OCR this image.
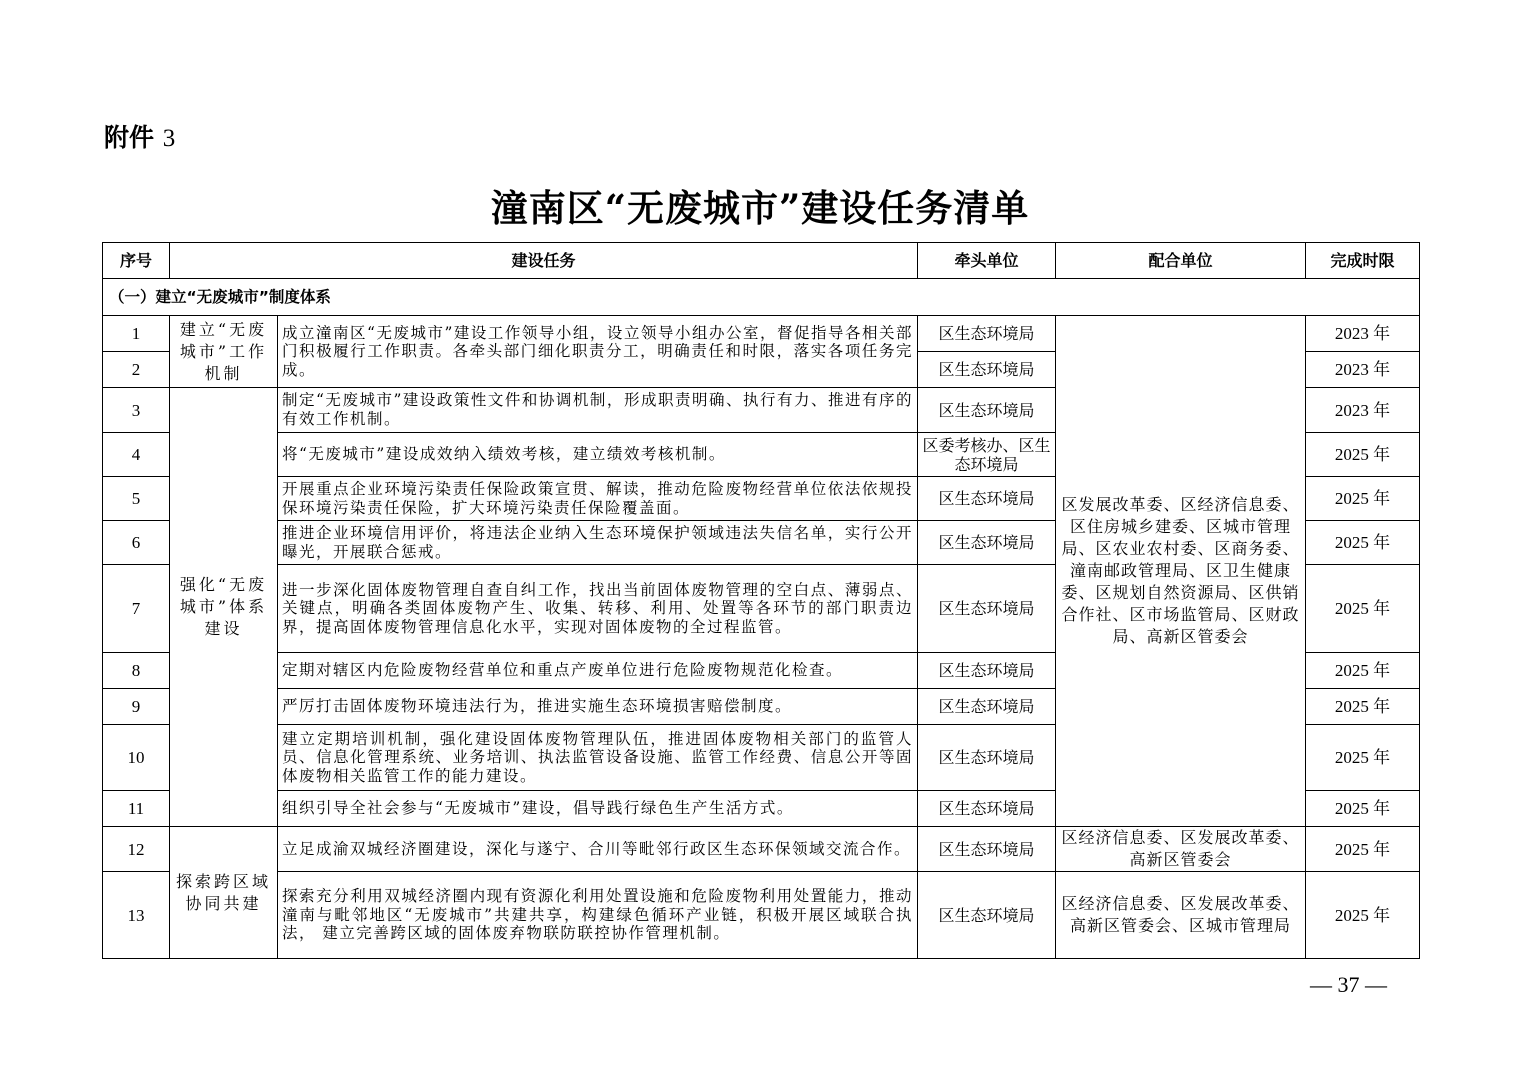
附件 3
潼南区“无废城市”建设任务清单
序号	建设任务		牵头单位	配合单位	完成时限
（一）建立“无废城市”制度体系					
1	建立“无废城市”工作机制	成立潼南区“无废城市”建设工作领导小组，设立领导小组办公室，督促指导各相关部门积极履行工作职责。各牵头部门细化职责分工，明确责任和时限，落实各项任务完成。	区生态环境局	区发展改革委、区经济信息委、区住房城乡建委、区城市管理局、区农业农村委、区商务委、潼南邮政管理局、区卫生健康委、区规划自然资源局、区供销合作社、区市场监管局、区财政局、高新区管委会	2023 年
2			区生态环境局		2023 年
3	强化“无废城市”体系建设	制定“无废城市”建设政策性文件和协调机制，形成职责明确、执行有力、推进有序的有效工作机制。	区生态环境局		2023 年
4		将“无废城市”建设成效纳入绩效考核，建立绩效考核机制。	区委考核办、区生态环境局		2025 年
5		开展重点企业环境污染责任保险政策宣贯、解读，推动危险废物经营单位依法依规投保环境污染责任保险，扩大环境污染责任保险覆盖面。	区生态环境局		2025 年
6		推进企业环境信用评价，将违法企业纳入生态环境保护领域违法失信名单，实行公开曝光，开展联合惩戒。	区生态环境局		2025 年
7		进一步深化固体废物管理自查自纠工作，找出当前固体废物管理的空白点、薄弱点、关键点，明确各类固体废物产生、收集、转移、利用、处置等各环节的部门职责边界，提高固体废物管理信息化水平，实现对固体废物的全过程监管。	区生态环境局		2025 年
8		定期对辖区内危险废物经营单位和重点产废单位进行危险废物规范化检查。	区生态环境局		2025 年
9		严厉打击固体废物环境违法行为，推进实施生态环境损害赔偿制度。	区生态环境局		2025 年
10		建立定期培训机制，强化建设固体废物管理队伍，推进固体废物相关部门的监管人员、信息化管理系统、业务培训、执法监管设备设施、监管工作经费、信息公开等固体废物相关监管工作的能力建设。	区生态环境局		2025 年
11		组织引导全社会参与“无废城市”建设，倡导践行绿色生产生活方式。	区生态环境局		2025 年
12	探索跨区域协同共建	立足成渝双城经济圈建设，深化与遂宁、合川等毗邻行政区生态环保领域交流合作。	区生态环境局	区经济信息委、区发展改革委、高新区管委会	2025 年
13		探索充分利用双城经济圈内现有资源化利用处置设施和危险废物利用处置能力，推动潼南与毗邻地区“无废城市”共建共享，构建绿色循环产业链，积极开展区域联合执法， 建立完善跨区域的固体废弃物联防联控协作管理机制。	区生态环境局	区经济信息委、区发展改革委、高新区管委会、区城市管理局	2025 年
— 37 —
